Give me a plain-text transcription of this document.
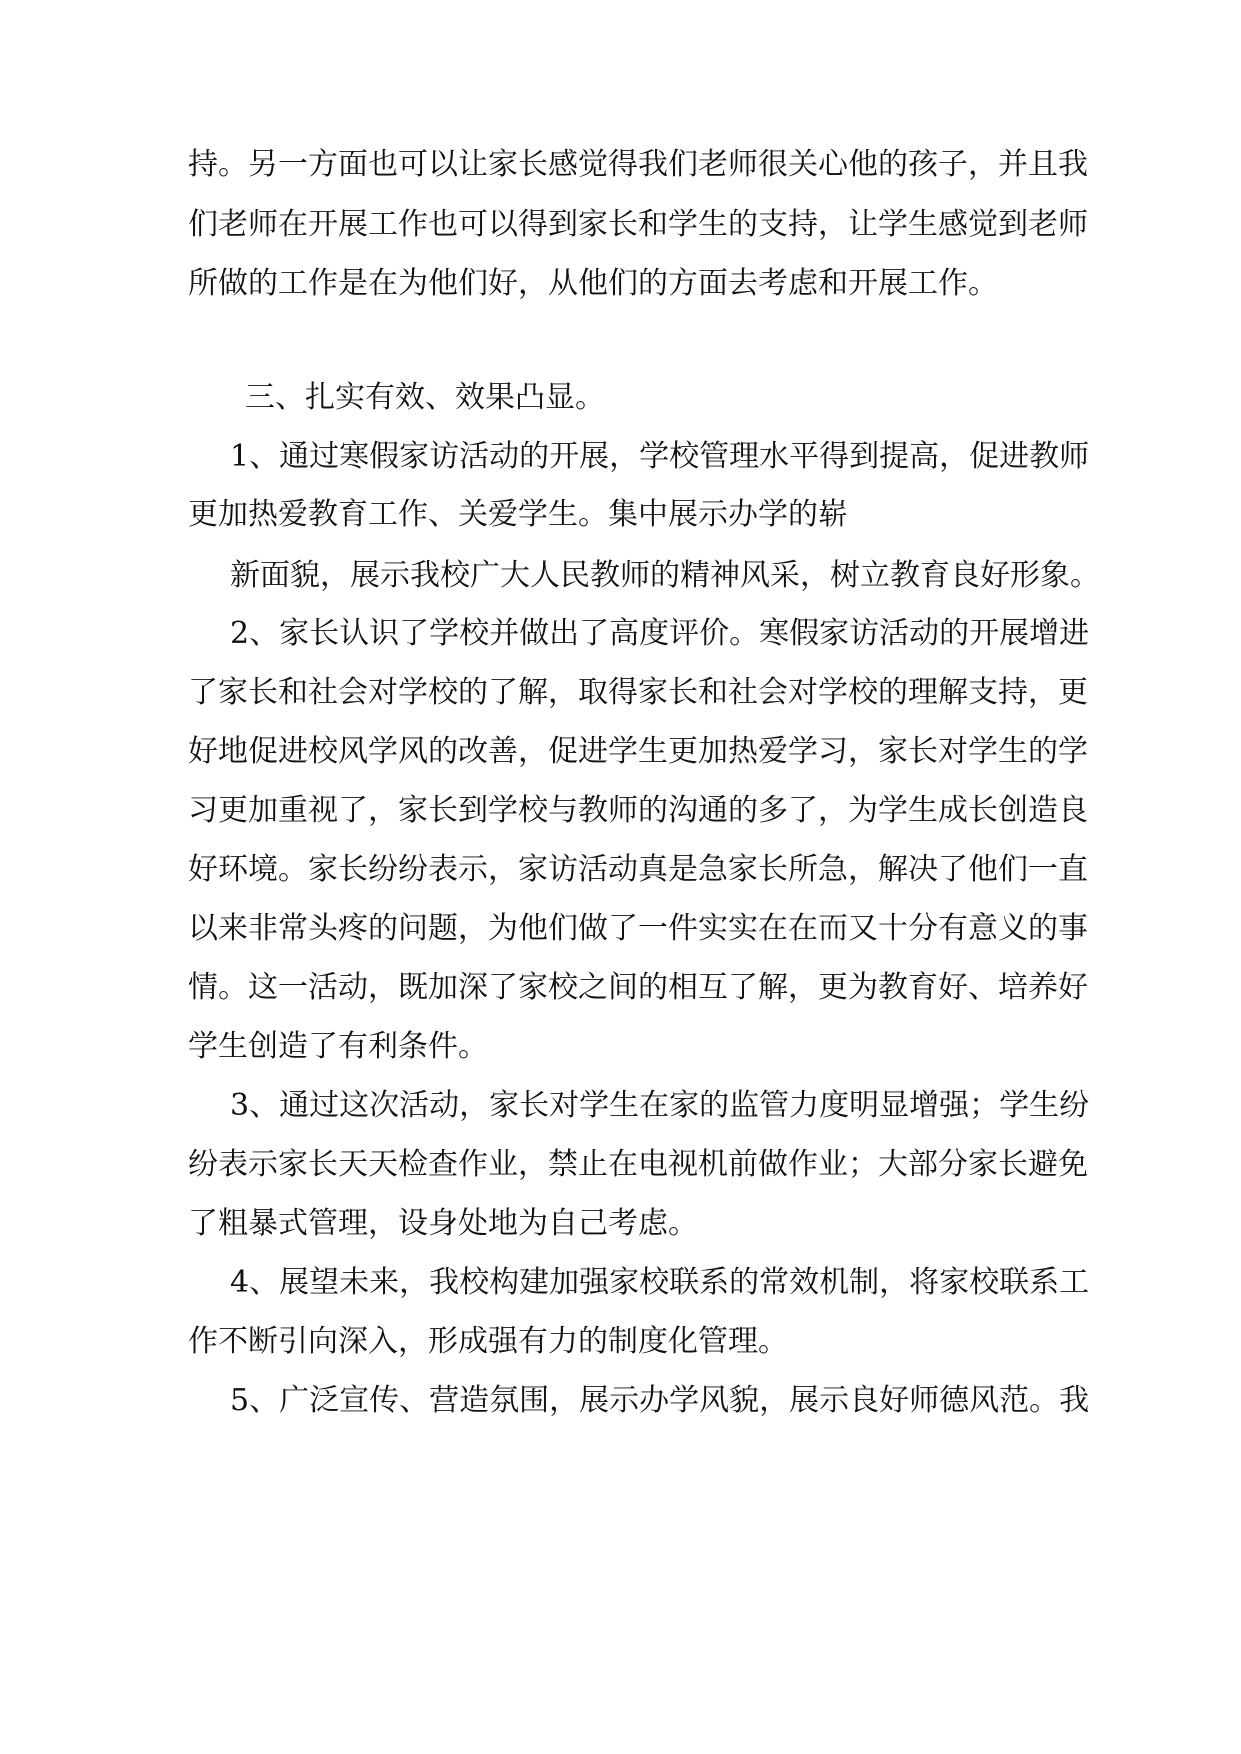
持。另一方面也可以让家长感觉得我们老师很关心他的孩子，并且我
们老师在开展工作也可以得到家长和学生的支持，让学生感觉到老师
所做的工作是在为他们好，从他们的方面去考虑和开展工作。
三、扎实有效、效果凸显。
1、通过寒假家访活动的开展，学校管理水平得到提高，促进教师
更加热爱教育工作、关爱学生。集中展示办学的崭
新面貌，展示我校广大人民教师的精神风采，树立教育良好形象。
2、家长认识了学校并做出了高度评价。寒假家访活动的开展增进
了家长和社会对学校的了解，取得家长和社会对学校的理解支持，更
好地促进校风学风的改善，促进学生更加热爱学习，家长对学生的学
习更加重视了，家长到学校与教师的沟通的多了，为学生成长创造良
好环境。家长纷纷表示，家访活动真是急家长所急，解决了他们一直
以来非常头疼的问题，为他们做了一件实实在在而又十分有意义的事
情。这一活动，既加深了家校之间的相互了解，更为教育好、培养好
学生创造了有利条件。
3、通过这次活动，家长对学生在家的监管力度明显增强；学生纷
纷表示家长天天检查作业，禁止在电视机前做作业；大部分家长避免
了粗暴式管理，设身处地为自己考虑。
4、展望未来，我校构建加强家校联系的常效机制，将家校联系工
作不断引向深入，形成强有力的制度化管理。
5、广泛宣传、营造氛围，展示办学风貌，展示良好师德风范。我
